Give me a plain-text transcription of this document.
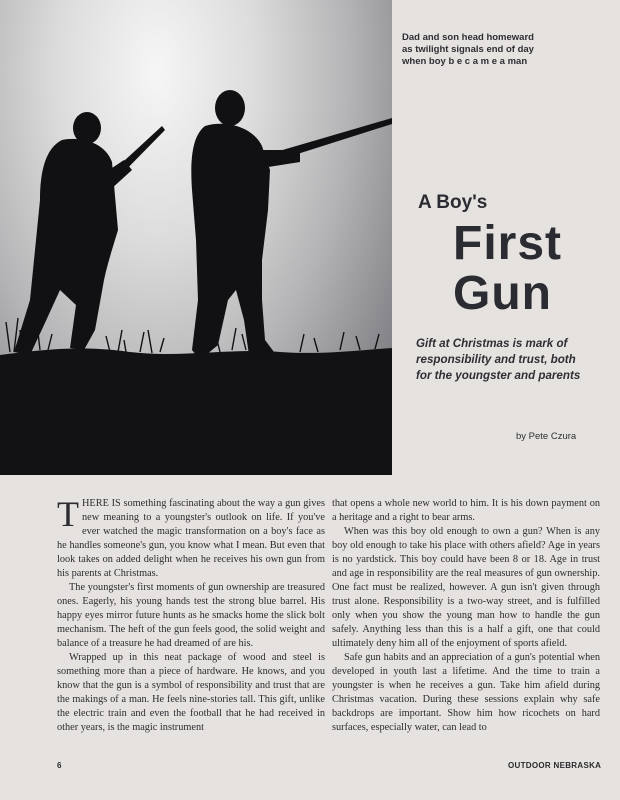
Dad and son head homeward
as twilight signals end of day
when boy b e c a m e a man
A Boy's
First
Gun
Gift at Christmas is mark of
responsibility and trust, both
for the youngster and parents
by Pete Czura

THERE IS something fascinating about the way a gun gives new meaning to a youngster's outlook on life. If you've ever watched the magic transformation on a boy's face as he handles someone's gun, you know what I mean. But even that look takes on added delight when he receives his own gun from his parents at Christmas.

The youngster's first moments of gun ownership are treasured ones. Eagerly, his young hands test the strong blue barrel. His happy eyes mirror future hunts as he smacks home the slick bolt mechanism. The heft of the gun feels good, the solid weight and balance of a treasure he had dreamed of are his.

Wrapped up in this neat package of wood and steel is something more than a piece of hardware. He knows, and you know that the gun is a symbol of responsibility and trust that are the makings of a man. He feels nine-stories tall. This gift, unlike the electric train and even the football that he had received in other years, is the magic instrument

that opens a whole new world to him. It is his down payment on a heritage and a right to bear arms.

When was this boy old enough to own a gun? When is any boy old enough to take his place with others afield? Age in years is no yardstick. This boy could have been 8 or 18. Age in trust and age in responsibility are the real measures of gun ownership. One fact must be realized, however. A gun isn't given through trust alone. Responsibility is a two-way street, and is fulfilled only when you show the young man how to handle the gun safely. Anything less than this is a half a gift, one that could ultimately deny him all of the enjoyment of sports afield.

Safe gun habits and an appreciation of a gun's potential when developed in youth last a lifetime. And the time to train a youngster is when he receives a gun. Take him afield during Christmas vacation. During these sessions explain why safe backdrops are important. Show him how ricochets on hard surfaces, especially water, can lead to

6	OUTDOOR NEBRASKA
